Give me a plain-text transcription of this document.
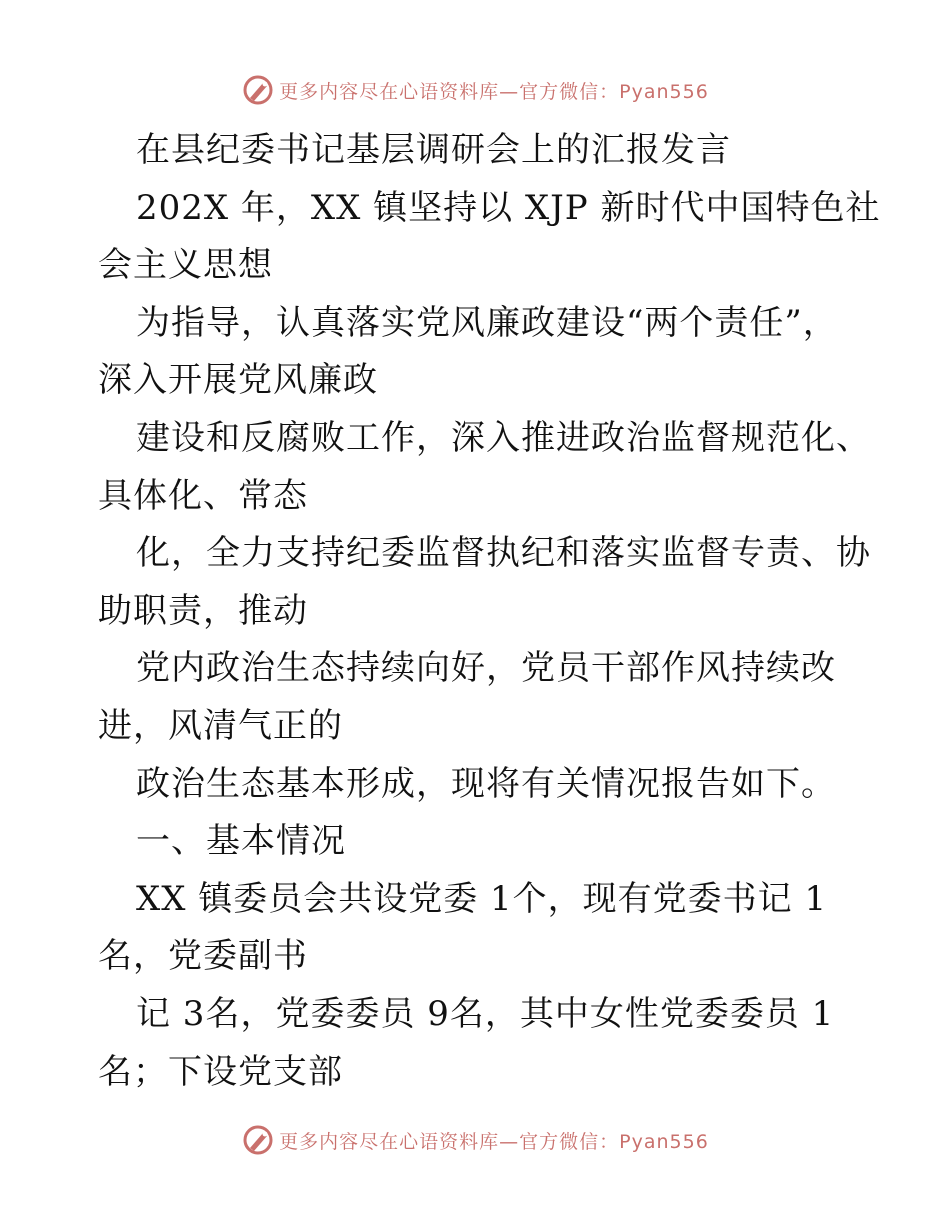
更多内容尽在心语资料库—官方微信：Pyan556
在县纪委书记基层调研会上的汇报发言
202X 年，XX 镇坚持以 XJP 新时代中国特色社
会主义思想
为指导，认真落实党风廉政建设“两个责任”，
深入开展党风廉政
建设和反腐败工作，深入推进政治监督规范化、
具体化、常态
化，全力支持纪委监督执纪和落实监督专责、协
助职责，推动
党内政治生态持续向好，党员干部作风持续改
进，风清气正的
政治生态基本形成，现将有关情况报告如下。
一、基本情况
XX 镇委员会共设党委 1个，现有党委书记 1
名，党委副书
记 3名，党委委员 9名，其中女性党委委员 1
名；下设党支部
更多内容尽在心语资料库—官方微信：Pyan556
